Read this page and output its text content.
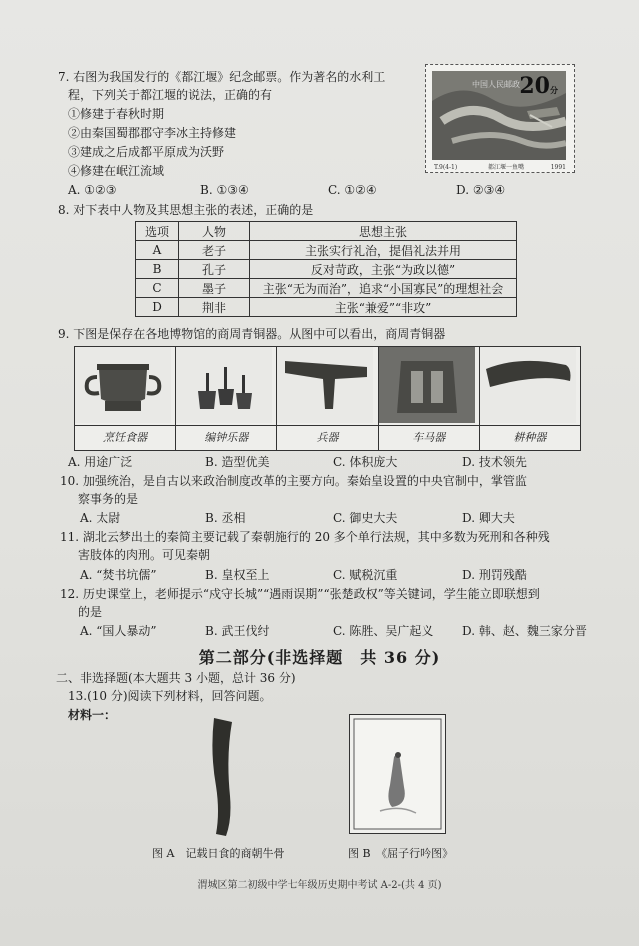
7. 右图为我国发行的《都江堰》纪念邮票。作为著名的水利工
程，下列关于都江堰的说法，正确的有
①修建于春秋时期
②由秦国蜀郡郡守李冰主持修建
③建成之后成都平原成为沃野
④修建在岷江流域
A. ①②③	B. ①③④	C. ①②④	D. ②③④
中国人民邮政 20分
T.9(4-1)	都江堰一鱼嘴	1991
8. 对下表中人物及其思想主张的表述，正确的是
选项	人物	思想主张
A	老子	主张实行礼治，提倡礼法并用
B	孔子	反对苛政，主张“为政以德”
C	墨子	主张“无为而治”，追求“小国寡民”的理想社会
D	荆非	主张“兼爱”“非攻”
9. 下图是保存在各地博物馆的商周青铜器。从图中可以看出，商周青铜器
烹饪食器	编钟乐器	兵器	车马器	耕种器
A. 用途广泛	B. 造型优美	C. 体积庞大	D. 技术领先
10. 加强统治，是自古以来政治制度改革的主要方向。秦始皇设置的中央官制中，掌管监
察事务的是
A. 太尉	B. 丞相	C. 御史大夫	D. 卿大夫
11. 湖北云梦出土的秦简主要记载了秦朝施行的 20 多个单行法规，其中多数为死刑和各种残
害肢体的肉刑。可见秦朝
A. “焚书坑儒”	B. 皇权至上	C. 赋税沉重	D. 刑罚残酷
12. 历史课堂上，老师提示“戍守长城”“遇雨误期”“张楚政权”等关键词，学生能立即联想到
的是
A. “国人暴动”	B. 武王伐纣	C. 陈胜、吴广起义 D. 韩、赵、魏三家分晋
第二部分(非选择题　共 36 分)
二、非选择题(本大题共 3 小题，总计 36 分)
13.(10 分)阅读下列材料，回答问题。
材料一：
图 A　记载日食的商朝牛骨	图 B　《屈子行吟图》
渭城区第二初级中学七年级历史期中考试 A-2-(共 4 页)
